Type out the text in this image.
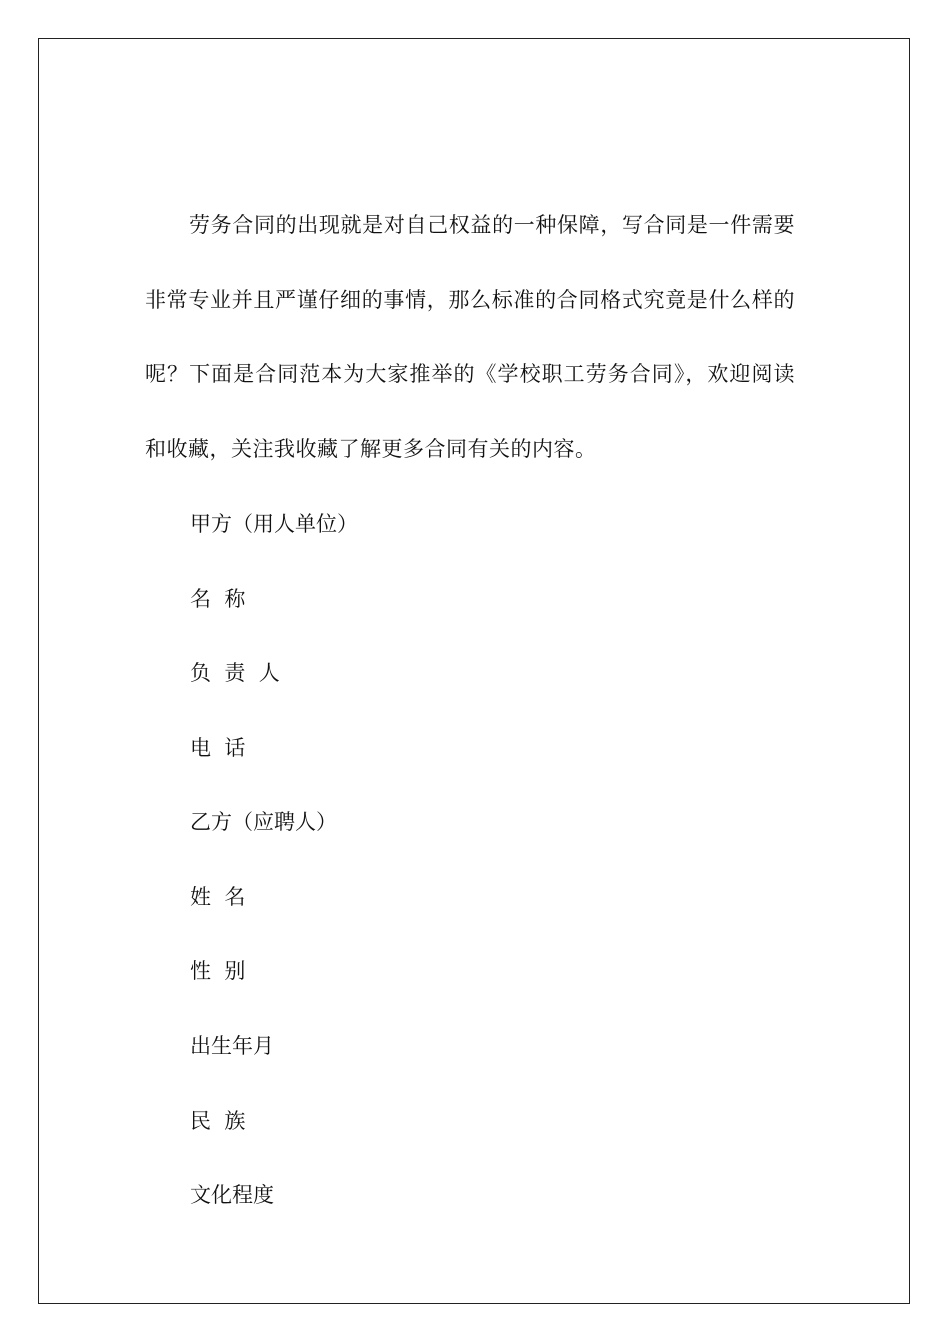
劳务合同的出现就是对自己权益的一种保障，写合同是一件需要非常专业并且严谨仔细的事情，那么标准的合同格式究竟是什么样的呢？下面是合同范本为大家推举的《学校职工劳务合同》，欢迎阅读和收藏，关注我收藏了解更多合同有关的内容。

甲方（用人单位）

名  称

负  责  人

电  话

乙方（应聘人）

姓  名

性  别

出生年月

民  族

文化程度
